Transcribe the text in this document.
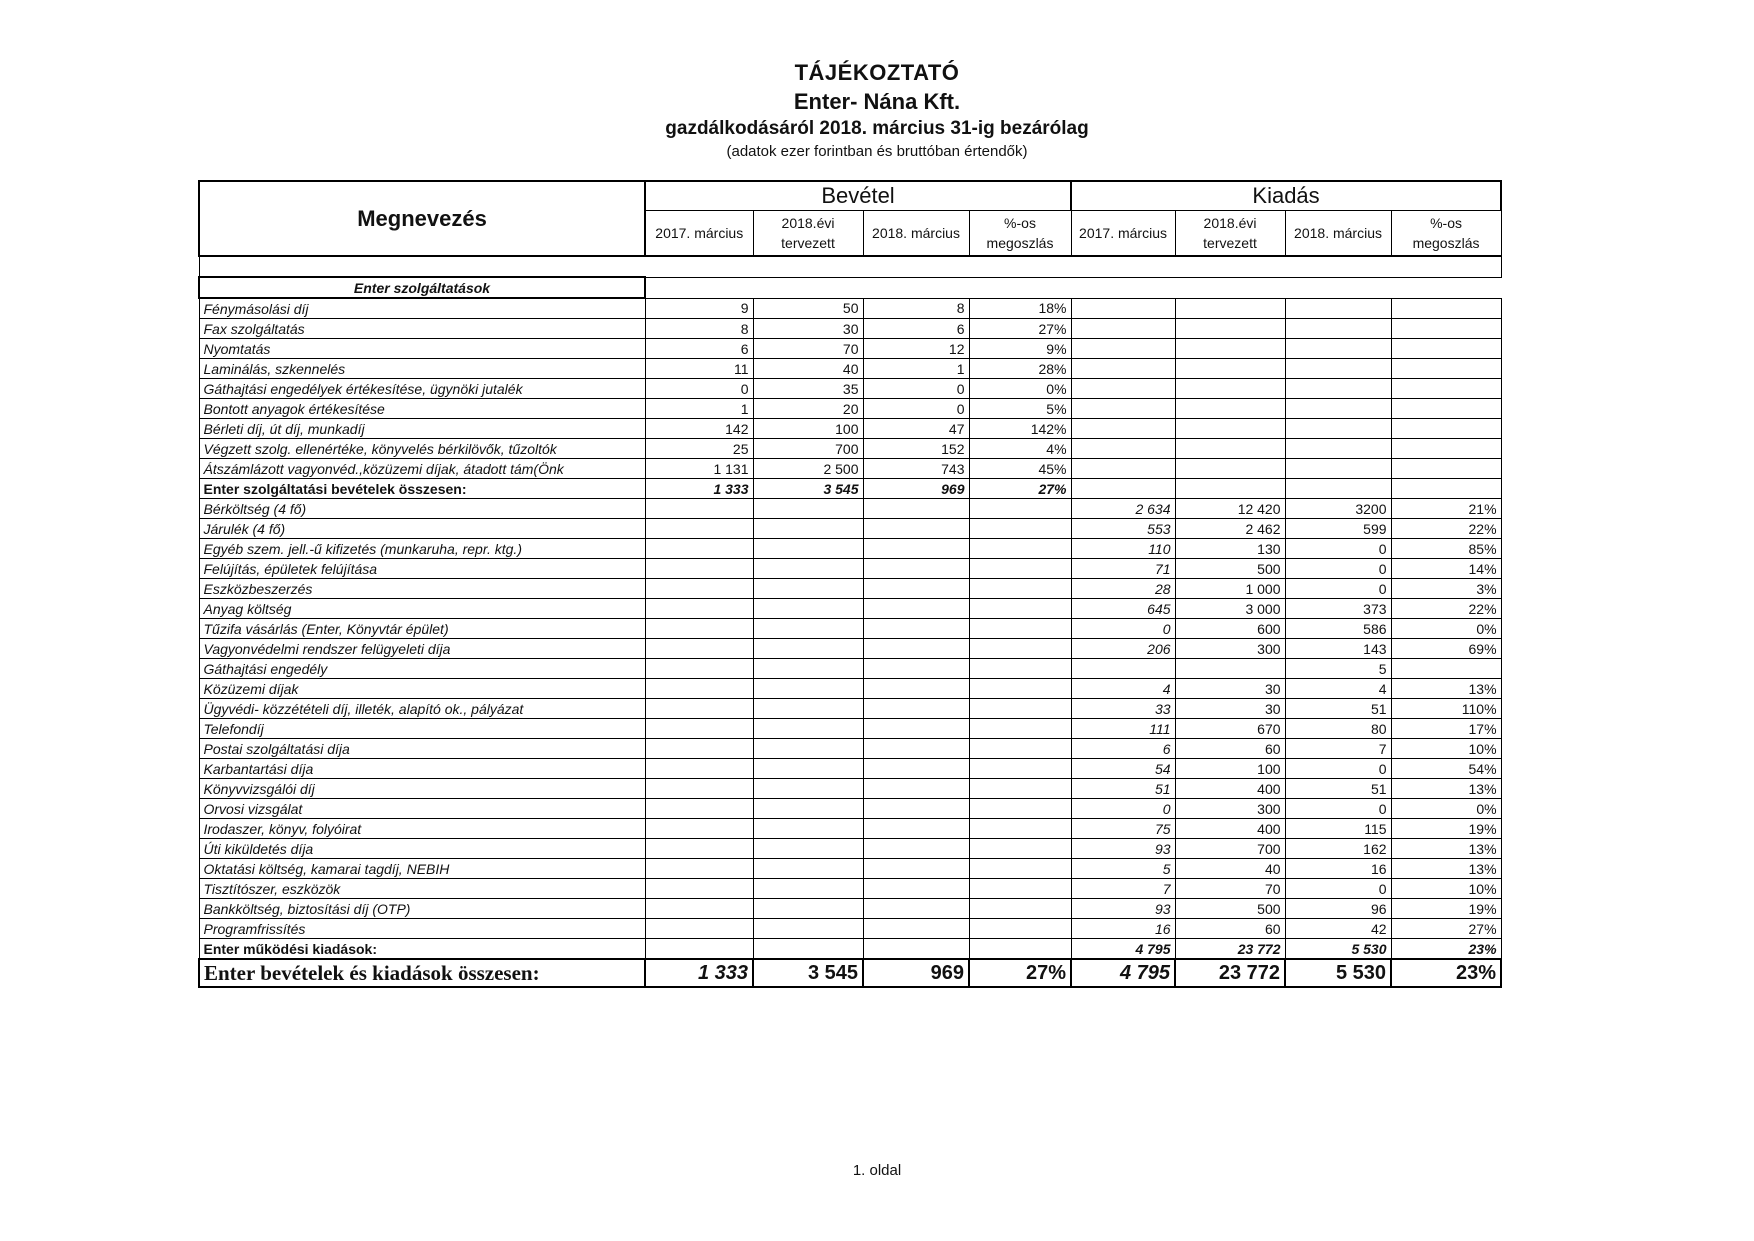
TÁJÉKOZTATÓ
Enter- Nána Kft.
gazdálkodásáról 2018. március 31-ig bezárólag
(adatok ezer forintban és bruttóban értendők)
Megnevezés	Bevétel				Kiadás			
	2017. március	2018.évi tervezett	2018. március	%-os megoszlás	2017. március	2018.évi tervezett	2018. március	%-os megoszlás

Enter szolgáltatások								
Fénymásolási díj	9	50	8	18%				
Fax szolgáltatás	8	30	6	27%				
Nyomtatás	6	70	12	9%				
Laminálás, szkennelés	11	40	1	28%				
Gáthajtási engedélyek értékesítése, ügynöki jutalék	0	35	0	0%				
Bontott anyagok értékesítése	1	20	0	5%				
Bérleti díj, út díj, munkadíj	142	100	47	142%				
Végzett szolg. ellenértéke, könyvelés bérkilövők, tűzoltók	25	700	152	4%				
Átszámlázott vagyonvéd.,közüzemi díjak, átadott tám(Önk	1 131	2 500	743	45%				
Enter szolgáltatási bevételek összesen:	1 333	3 545	969	27%				
Bérköltség (4 fő)					2 634	12 420	3200	21%
Járulék (4 fő)					553	2 462	599	22%
Egyéb szem. jell.-ű kifizetés (munkaruha, repr. ktg.)					110	130	0	85%
Felújítás, épületek felújítása					71	500	0	14%
Eszközbeszerzés					28	1 000	0	3%
Anyag költség					645	3 000	373	22%
Tűzifa vásárlás (Enter, Könyvtár épület)					0	600	586	0%
Vagyonvédelmi rendszer felügyeleti díja					206	300	143	69%
Gáthajtási engedély							5	
Közüzemi díjak					4	30	4	13%
Ügyvédi- közzétételi díj, illeték, alapító ok., pályázat					33	30	51	110%
Telefondíj					111	670	80	17%
Postai szolgáltatási díja					6	60	7	10%
Karbantartási díja					54	100	0	54%
Könyvvizsgálói díj					51	400	51	13%
Orvosi vizsgálat					0	300	0	0%
Irodaszer, könyv, folyóirat					75	400	115	19%
Úti kiküldetés díja					93	700	162	13%
Oktatási költség, kamarai tagdíj, NEBIH					5	40	16	13%
Tisztítószer, eszközök					7	70	0	10%
Bankköltség, biztosítási díj (OTP)					93	500	96	19%
Programfrissítés					16	60	42	27%
Enter működési kiadások:					4 795	23 772	5 530	23%
Enter bevételek és kiadások összesen:	1 333	3 545	969	27%	4 795	23 772	5 530	23%
1. oldal
